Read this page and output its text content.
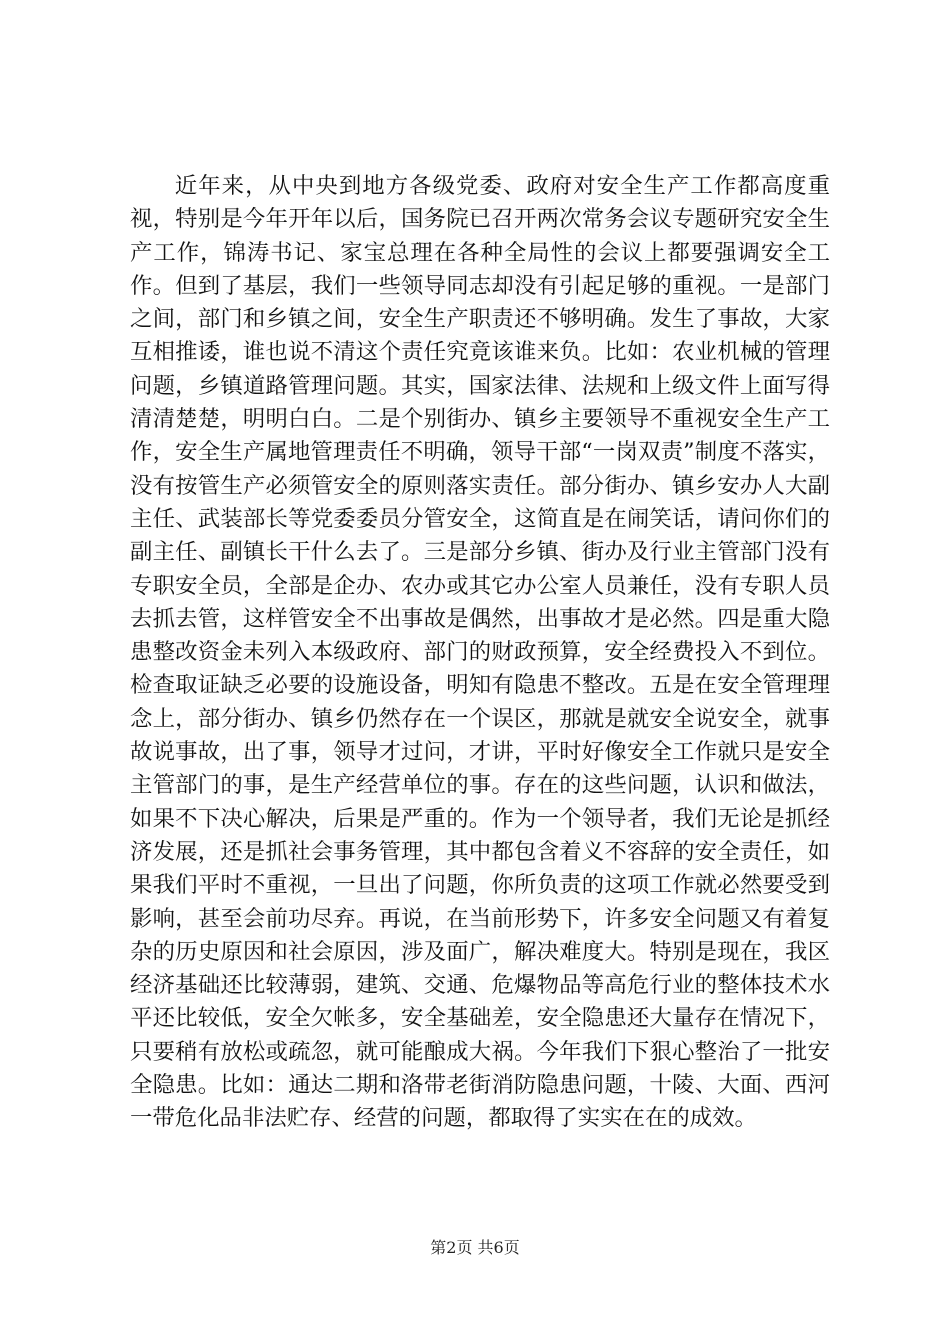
近年来，从中央到地方各级党委、政府对安全生产工作都高度重视，特别是今年开年以后，国务院已召开两次常务会议专题研究安全生产工作，锦涛书记、家宝总理在各种全局性的会议上都要强调安全工作。但到了基层，我们一些领导同志却没有引起足够的重视。一是部门之间，部门和乡镇之间，安全生产职责还不够明确。发生了事故，大家互相推诿，谁也说不清这个责任究竟该谁来负。比如：农业机械的管理问题，乡镇道路管理问题。其实，国家法律、法规和上级文件上面写得清清楚楚，明明白白。二是个别街办、镇乡主要领导不重视安全生产工作，安全生产属地管理责任不明确，领导干部“一岗双责”制度不落实，没有按管生产必须管安全的原则落实责任。部分街办、镇乡安办人大副主任、武装部长等党委委员分管安全，这简直是在闹笑话，请问你们的副主任、副镇长干什么去了。三是部分乡镇、街办及行业主管部门没有专职安全员，全部是企办、农办或其它办公室人员兼任，没有专职人员去抓去管，这样管安全不出事故是偶然，出事故才是必然。四是重大隐患整改资金未列入本级政府、部门的财政预算，安全经费投入不到位。检查取证缺乏必要的设施设备，明知有隐患不整改。五是在安全管理理念上，部分街办、镇乡仍然存在一个误区，那就是就安全说安全，就事故说事故，出了事，领导才过问，才讲，平时好像安全工作就只是安全主管部门的事，是生产经营单位的事。存在的这些问题，认识和做法，如果不下决心解决，后果是严重的。作为一个领导者，我们无论是抓经济发展，还是抓社会事务管理，其中都包含着义不容辞的安全责任，如果我们平时不重视，一旦出了问题，你所负责的这项工作就必然要受到影响，甚至会前功尽弃。再说，在当前形势下，许多安全问题又有着复杂的历史原因和社会原因，涉及面广，解决难度大。特别是现在，我区经济基础还比较薄弱，建筑、交通、危爆物品等高危行业的整体技术水平还比较低，安全欠帐多，安全基础差，安全隐患还大量存在情况下，只要稍有放松或疏忽，就可能酿成大祸。今年我们下狠心整治了一批安全隐患。比如：通达二期和洛带老街消防隐患问题，十陵、大面、西河一带危化品非法贮存、经营的问题，都取得了实实在在的成效。

第2页 共6页
